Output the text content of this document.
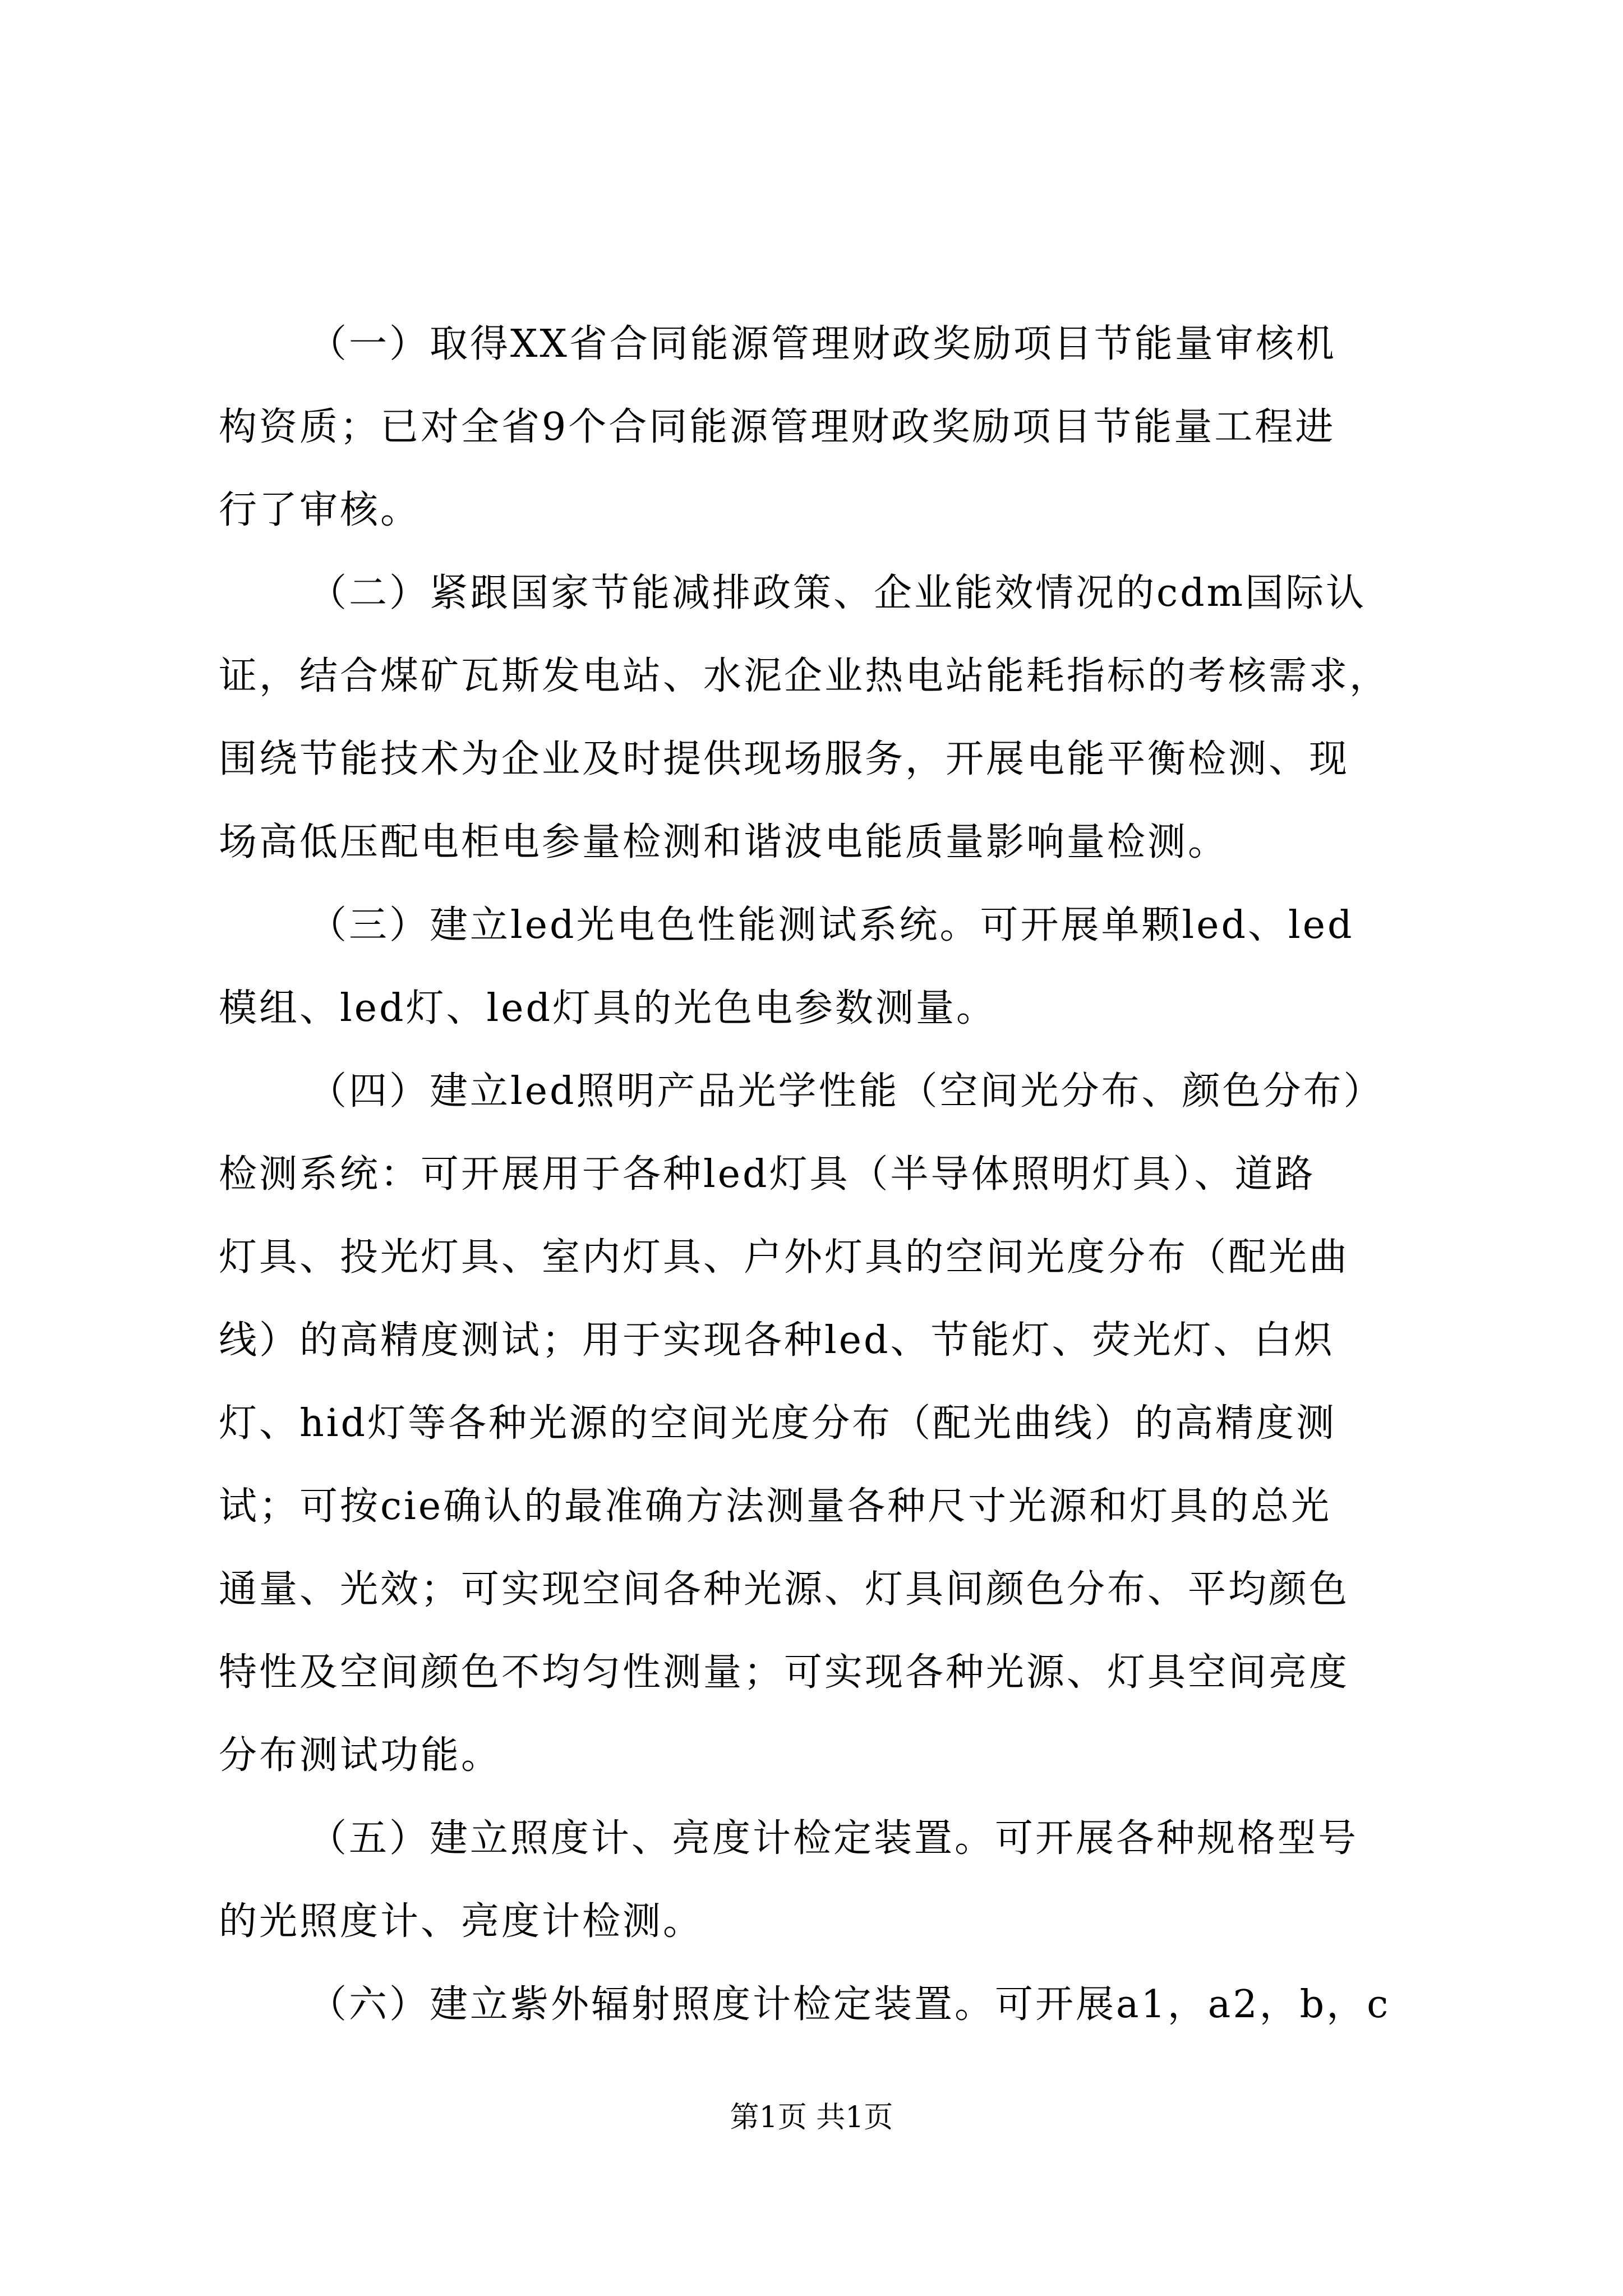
（一）取得XX省合同能源管理财政奖励项目节能量审核机
构资质；已对全省9个合同能源管理财政奖励项目节能量工程进
行了审核。
（二）紧跟国家节能减排政策、企业能效情况的cdm国际认
证，结合煤矿瓦斯发电站、水泥企业热电站能耗指标的考核需求，
围绕节能技术为企业及时提供现场服务，开展电能平衡检测、现
场高低压配电柜电参量检测和谐波电能质量影响量检测。
（三）建立led光电色性能测试系统。可开展单颗led、led
模组、led灯、led灯具的光色电参数测量。
（四）建立led照明产品光学性能（空间光分布、颜色分布）
检测系统：可开展用于各种led灯具（半导体照明灯具）、道路
灯具、投光灯具、室内灯具、户外灯具的空间光度分布（配光曲
线）的高精度测试；用于实现各种led、节能灯、荧光灯、白炽
灯、hid灯等各种光源的空间光度分布（配光曲线）的高精度测
试；可按cie确认的最准确方法测量各种尺寸光源和灯具的总光
通量、光效；可实现空间各种光源、灯具间颜色分布、平均颜色
特性及空间颜色不均匀性测量；可实现各种光源、灯具空间亮度
分布测试功能。
（五）建立照度计、亮度计检定装置。可开展各种规格型号
的光照度计、亮度计检测。
（六）建立紫外辐射照度计检定装置。可开展a1，a2，b，c
第1页 共1页
